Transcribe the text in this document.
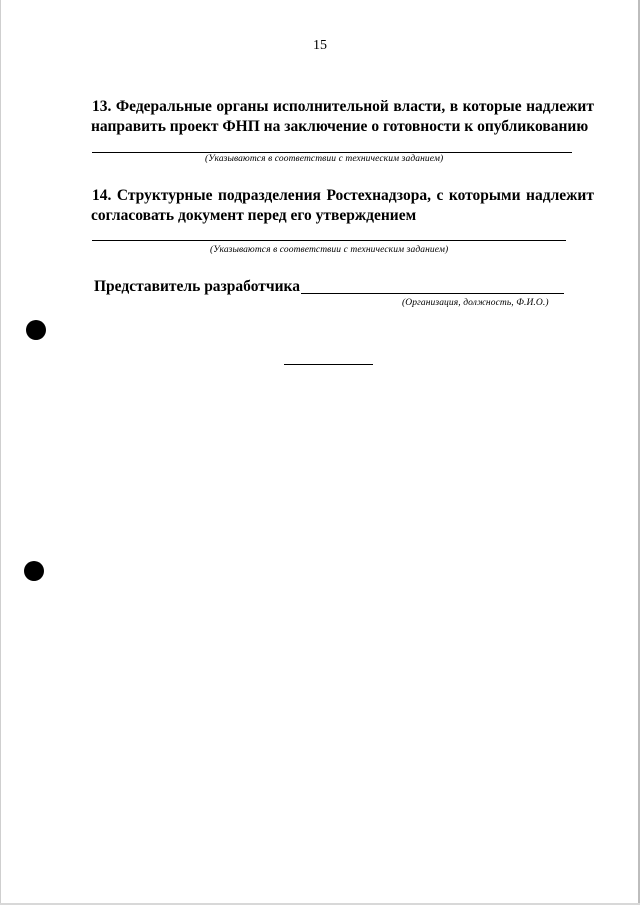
15
13. Федеральные органы исполнительной власти, в которые надлежит
направить проект ФНП на заключение о готовности к опубликованию
(Указываются в соответствии с техническим заданием)
14. Структурные подразделения Ростехнадзора, с которыми надлежит
согласовать документ перед его утверждением
(Указываются в соответствии с техническим заданием)
Представитель разработчика
(Организация, должность, Ф.И.О.)
